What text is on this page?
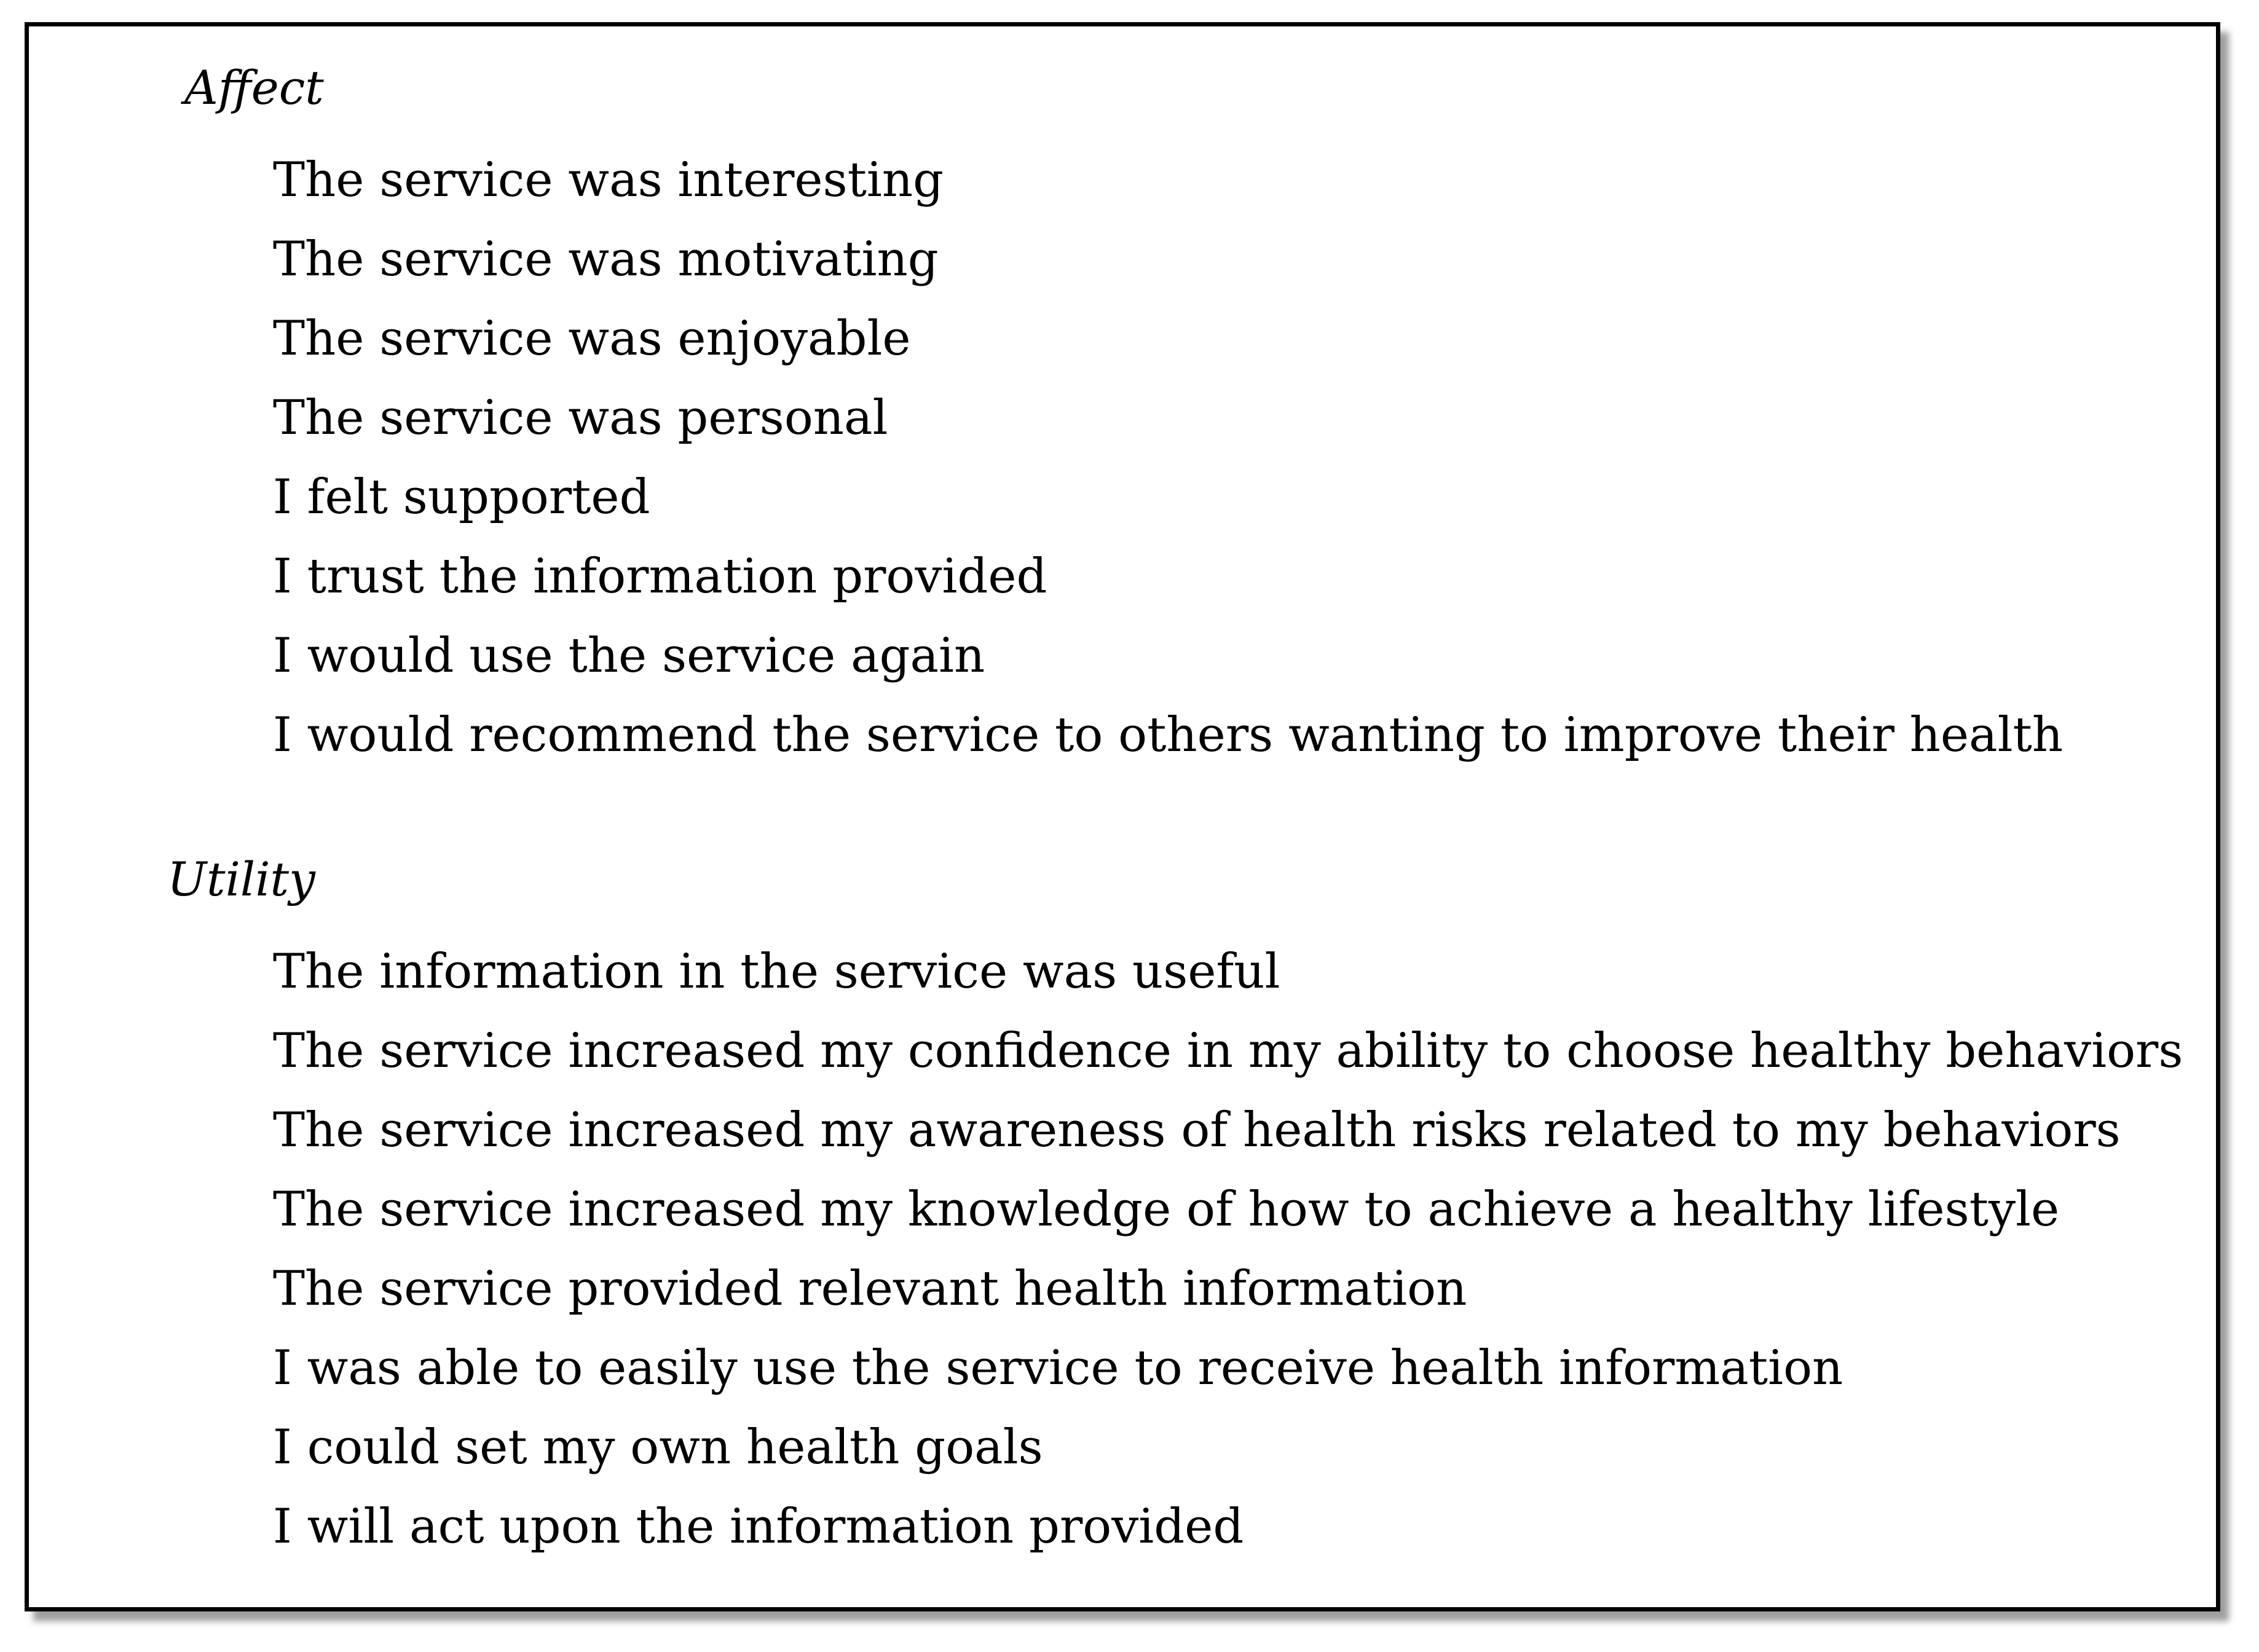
Affect
The service was interesting
The service was motivating
The service was enjoyable
The service was personal
I felt supported
I trust the information provided
I would use the service again
I would recommend the service to others wanting to improve their health
Utility
The information in the service was useful
The service increased my confidence in my ability to choose healthy behaviors
The service increased my awareness of health risks related to my behaviors
The service increased my knowledge of how to achieve a healthy lifestyle
The service provided relevant health information
I was able to easily use the service to receive health information
I could set my own health goals
I will act upon the information provided
